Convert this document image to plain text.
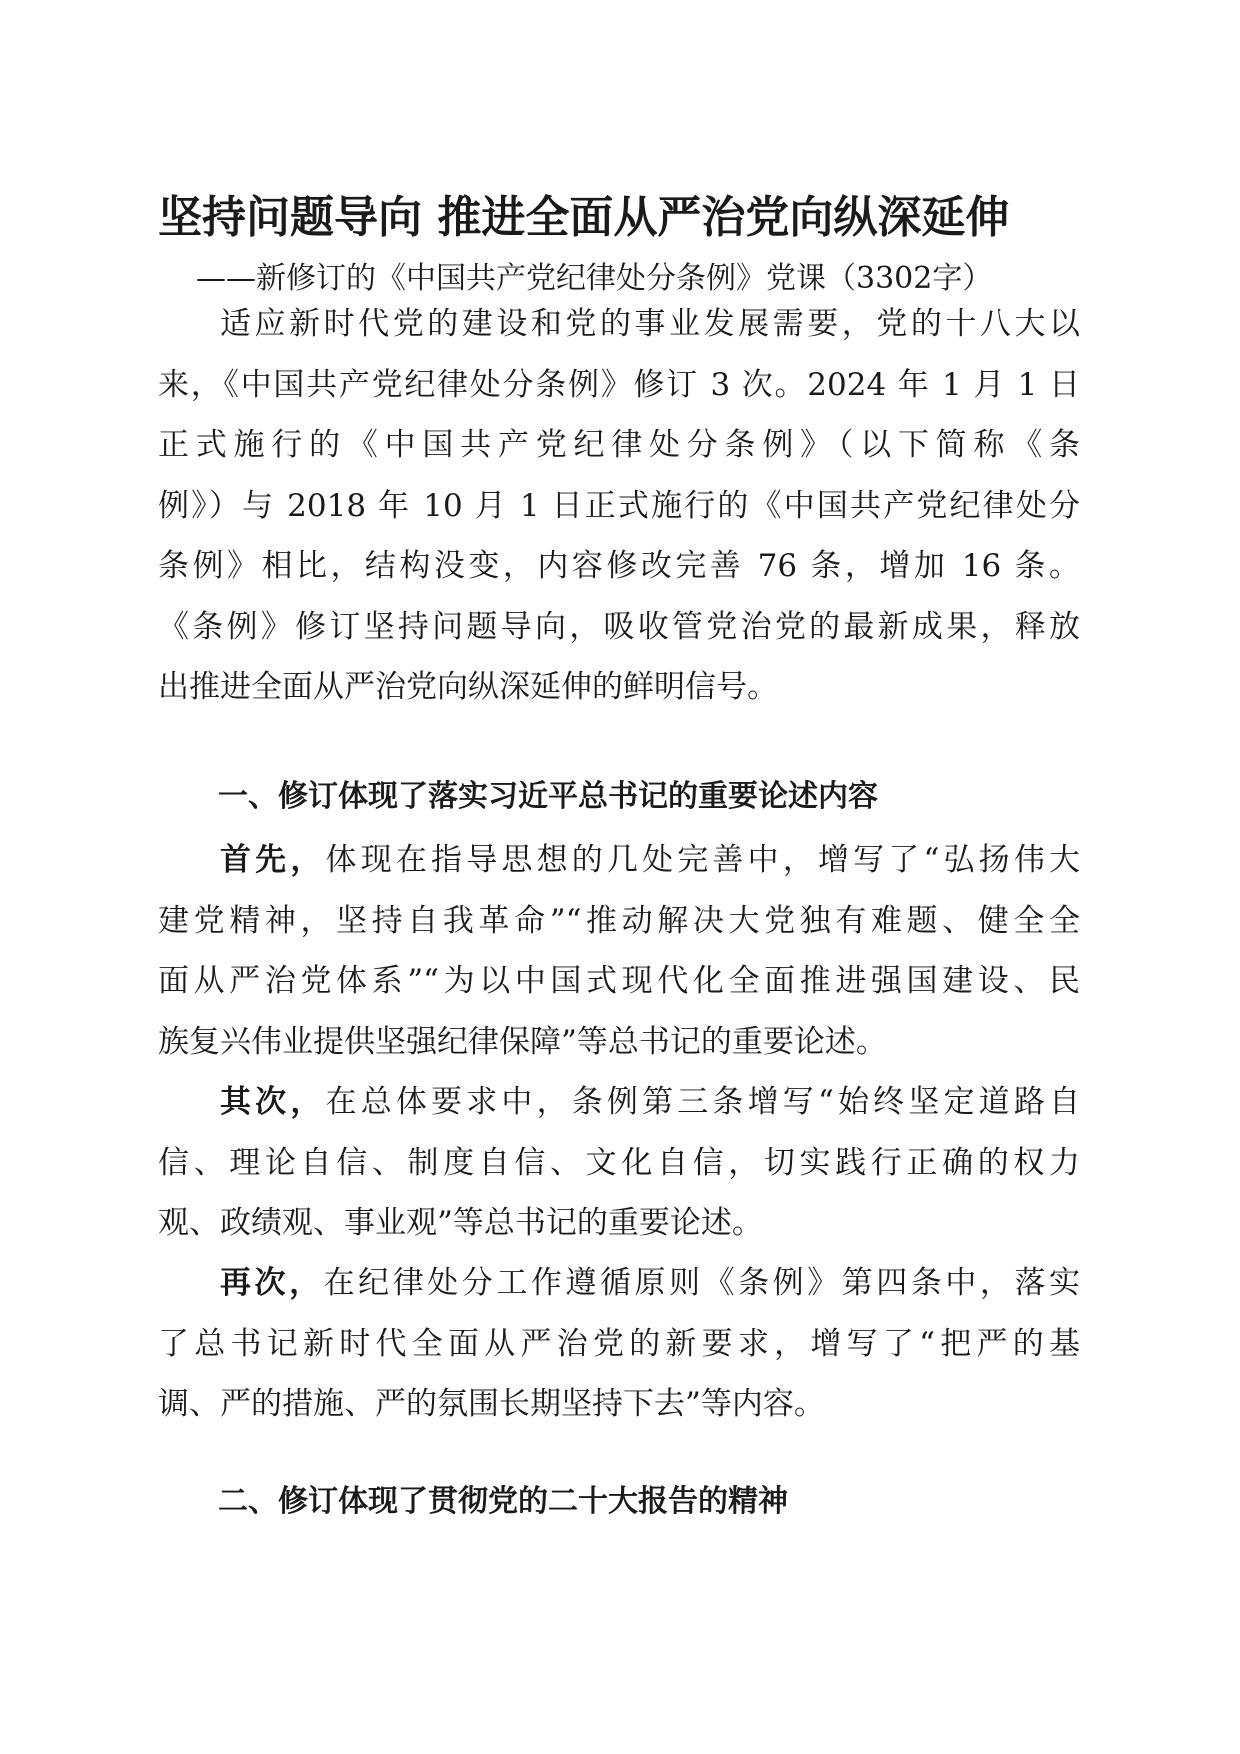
坚持问题导向 推进全面从严治党向纵深延伸
——新修订的《中国共产党纪律处分条例》党课（3302字）
适应新时代党的建设和党的事业发展需要，党的十八大以
来，《中国共产党纪律处分条例》修订 3 次。2024 年 1 月 1 日
正式施行的《中国共产党纪律处分条例》（以下简称《条
例》）与 2018 年 10 月 1 日正式施行的《中国共产党纪律处分
条例》相比，结构没变，内容修改完善 76 条，增加 16 条。
《条例》修订坚持问题导向，吸收管党治党的最新成果，释放
出推进全面从严治党向纵深延伸的鲜明信号。
一、修订体现了落实习近平总书记的重要论述内容
首先，体现在指导思想的几处完善中，增写了“弘扬伟大
建党精神，坚持自我革命”“推动解决大党独有难题、健全全
面从严治党体系”“为以中国式现代化全面推进强国建设、民
族复兴伟业提供坚强纪律保障”等总书记的重要论述。
其次，在总体要求中，条例第三条增写“始终坚定道路自
信、理论自信、制度自信、文化自信，切实践行正确的权力
观、政绩观、事业观”等总书记的重要论述。
再次，在纪律处分工作遵循原则《条例》第四条中，落实
了总书记新时代全面从严治党的新要求，增写了“把严的基
调、严的措施、严的氛围长期坚持下去”等内容。
二、修订体现了贯彻党的二十大报告的精神
